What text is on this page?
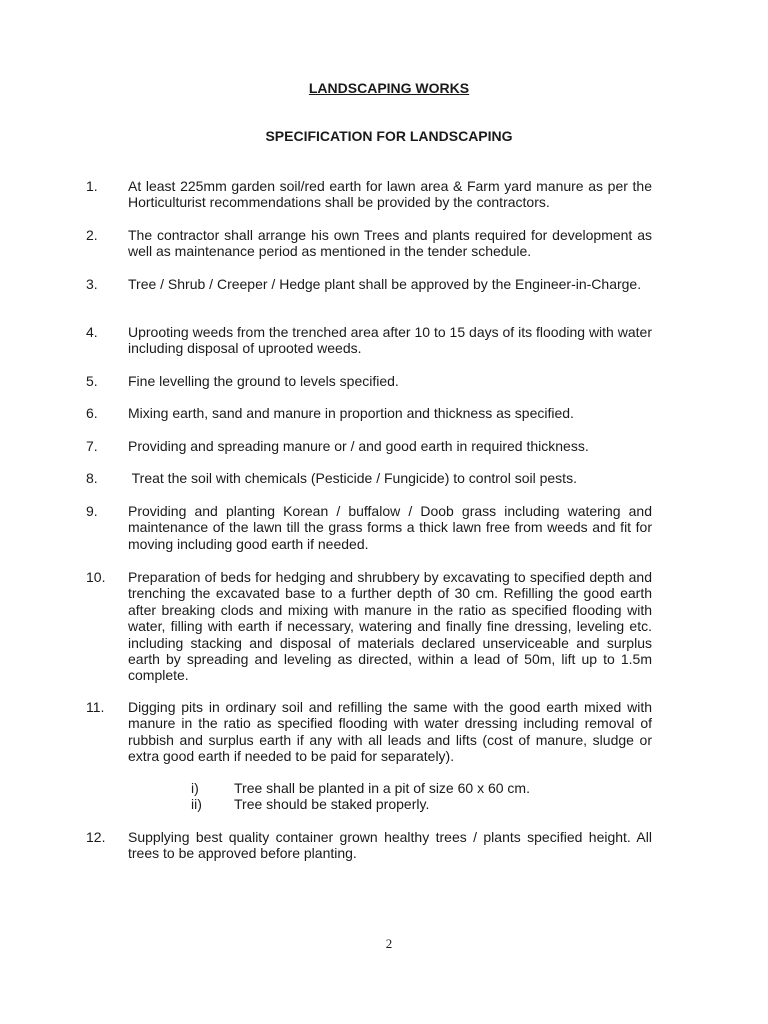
LANDSCAPING WORKS
SPECIFICATION FOR LANDSCAPING
1. At least 225mm garden soil/red earth for lawn area & Farm yard manure as per the Horticulturist recommendations shall be provided by the contractors.
2. The contractor shall arrange his own Trees and plants required for development as well as maintenance period as mentioned in the tender schedule.
3. Tree / Shrub / Creeper / Hedge plant shall be approved by the Engineer-in-Charge.
4. Uprooting weeds from the trenched area after 10 to 15 days of its flooding with water including disposal of uprooted weeds.
5. Fine levelling the ground to levels specified.
6. Mixing earth, sand and manure in proportion and thickness as specified.
7. Providing and spreading manure or / and good earth in required thickness.
8. Treat the soil with chemicals (Pesticide / Fungicide) to control soil pests.
9. Providing and planting Korean / buffalow / Doob grass including watering and maintenance of the lawn till the grass forms a thick lawn free from weeds and fit for moving including good earth if needed.
10. Preparation of beds for hedging and shrubbery by excavating to specified depth and trenching the excavated base to a further depth of 30 cm. Refilling the good earth after breaking clods and mixing with manure in the ratio as specified flooding with water, filling with earth if necessary, watering and finally fine dressing, leveling etc. including stacking and disposal of materials declared unserviceable and surplus earth by spreading and leveling as directed, within a lead of 50m, lift up to 1.5m complete.
11. Digging pits in ordinary soil and refilling the same with the good earth mixed with manure in the ratio as specified flooding with water dressing including removal of rubbish and surplus earth if any with all leads and lifts (cost of manure, sludge or extra good earth if needed to be paid for separately).
i)	Tree shall be planted in a pit of size 60 x 60 cm.
ii) Tree should be staked properly.
12. Supplying best quality container grown healthy trees / plants specified height. All trees to be approved before planting.
2
